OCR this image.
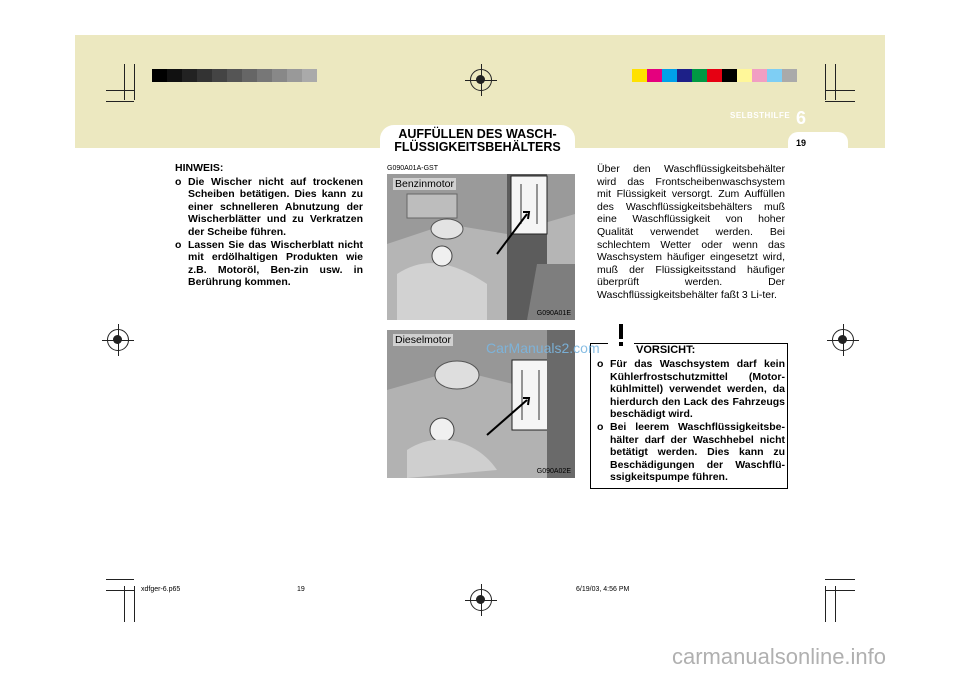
SELBSTHILFE 6
19
AUFFÜLLEN DES WASCH-
FLÜSSIGKEITSBEHÄLTERS
HINWEIS:
o Die Wischer nicht auf trockenen Scheiben betätigen. Dies kann zu einer schnelleren Abnutzung der Wischerblätter und zu Verkratzen der Scheibe führen.
o Lassen Sie das Wischerblatt nicht mit erdölhaltigen Produkten wie z.B. Motoröl, Ben-zin usw. in Berührung kommen.
G090A01A-GST
Benzinmotor
G090A01E
Dieselmotor
G090A02E
Über den Waschflüssigkeitsbehälter wird das Frontscheibenwaschsystem mit Flüssigkeit versorgt. Zum Auffüllen des Waschflüssigkeitsbehälters muß eine Waschflüssigkeit von hoher Qualität verwendet werden. Bei schlechtem Wetter oder wenn das Waschsystem häufiger eingesetzt wird, muß der Flüssigkeitsstand häufiger überprüft werden. Der Waschflüssigkeitsbehälter faßt 3 Li-ter.
VORSICHT:
o Für das Waschsystem darf kein Kühlerfrostschutzmittel (Motor-kühlmittel) verwendet werden, da hierdurch den Lack des Fahrzeugs beschädigt wird.
o Bei leerem Waschflüssigkeitsbe-hälter darf der Waschhebel nicht betätigt werden. Dies kann zu Beschädigungen der Waschflü-ssigkeitspumpe führen.
CarManuals2.com
xdfger-6.p65	19	6/19/03, 4:56 PM
carmanualsonline.info
